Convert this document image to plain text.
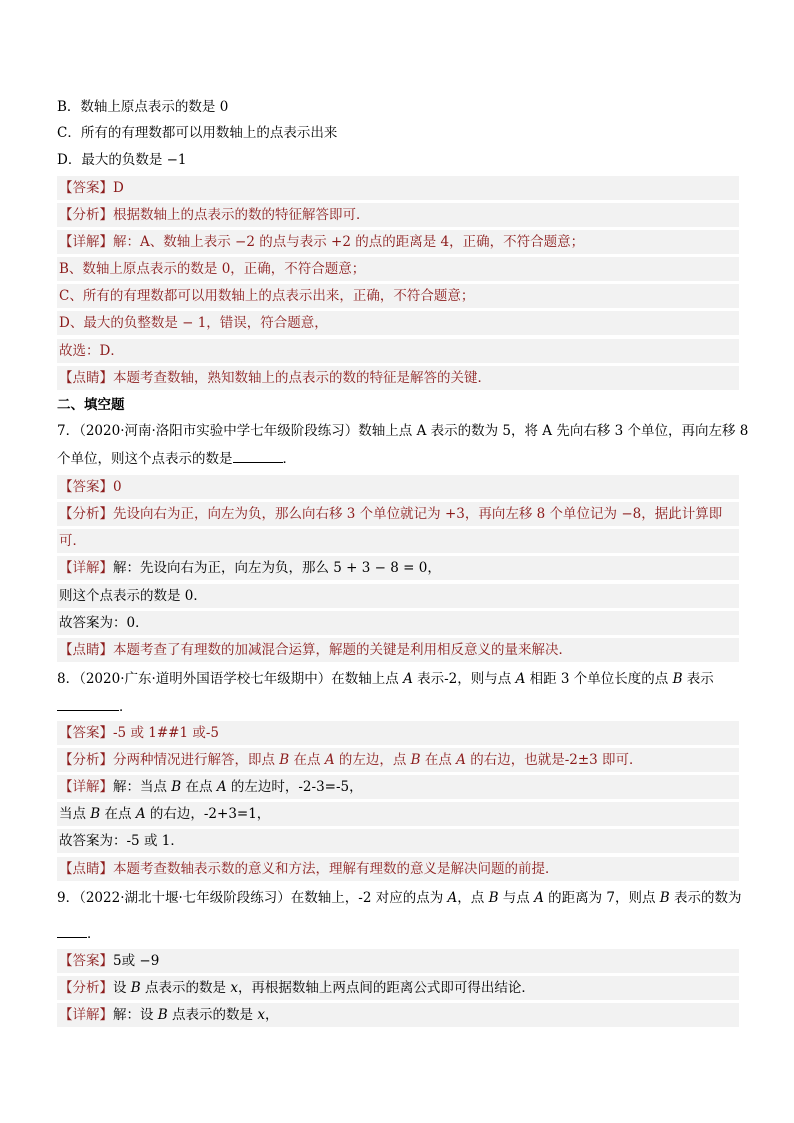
B．数轴上原点表示的数是 0
C．所有的有理数都可以用数轴上的点表示出来
D．最大的负数是 −1
【答案】D
【分析】根据数轴上的点表示的数的特征解答即可．
【详解】解：A、数轴上表示 −2 的点与表示 +2 的点的距离是 4，正确，不符合题意；
B、数轴上原点表示的数是 0，正确，不符合题意；
C、所有的有理数都可以用数轴上的点表示出来，正确，不符合题意；
D、最大的负整数是 − 1，错误，符合题意，
故选：D．
【点睛】本题考查数轴，熟知数轴上的点表示的数的特征是解答的关键．
二、填空题
7．（2020·河南·洛阳市实验中学七年级阶段练习）数轴上点 A 表示的数为 5，将 A 先向右移 3 个单位，再向左移 8
个单位，则这个点表示的数是	．
【答案】0
【分析】先设向右为正，向左为负，那么向右移 3 个单位就记为 +3，再向左移 8 个单位记为 −8，据此计算即
可．
【详解】解：先设向右为正，向左为负，那么 5 + 3 − 8 = 0，
则这个点表示的数是 0．
故答案为：0．
【点睛】本题考查了有理数的加减混合运算，解题的关键是利用相反意义的量来解决．
8．（2020·广东·道明外国语学校七年级期中）在数轴上点 A 表示-2，则与点 A 相距 3 个单位长度的点 B 表示
．
【答案】-5 或 1##1 或-5
【分析】分两种情况进行解答，即点 B 在点 A 的左边，点 B 在点 A 的右边，也就是-2±3 即可．
【详解】解：当点 B 在点 A 的左边时，-2-3=-5，
当点 B 在点 A 的右边，-2+3=1，
故答案为：-5 或 1．
【点睛】本题考查数轴表示数的意义和方法，理解有理数的意义是解决问题的前提．
9．（2022·湖北十堰·七年级阶段练习）在数轴上，-2 对应的点为 A，点 B 与点 A 的距离为 7，则点 B 表示的数为
．
【答案】5或 −9
【分析】设 B 点表示的数是 x，再根据数轴上两点间的距离公式即可得出结论．
【详解】解：设 B 点表示的数是 x，
